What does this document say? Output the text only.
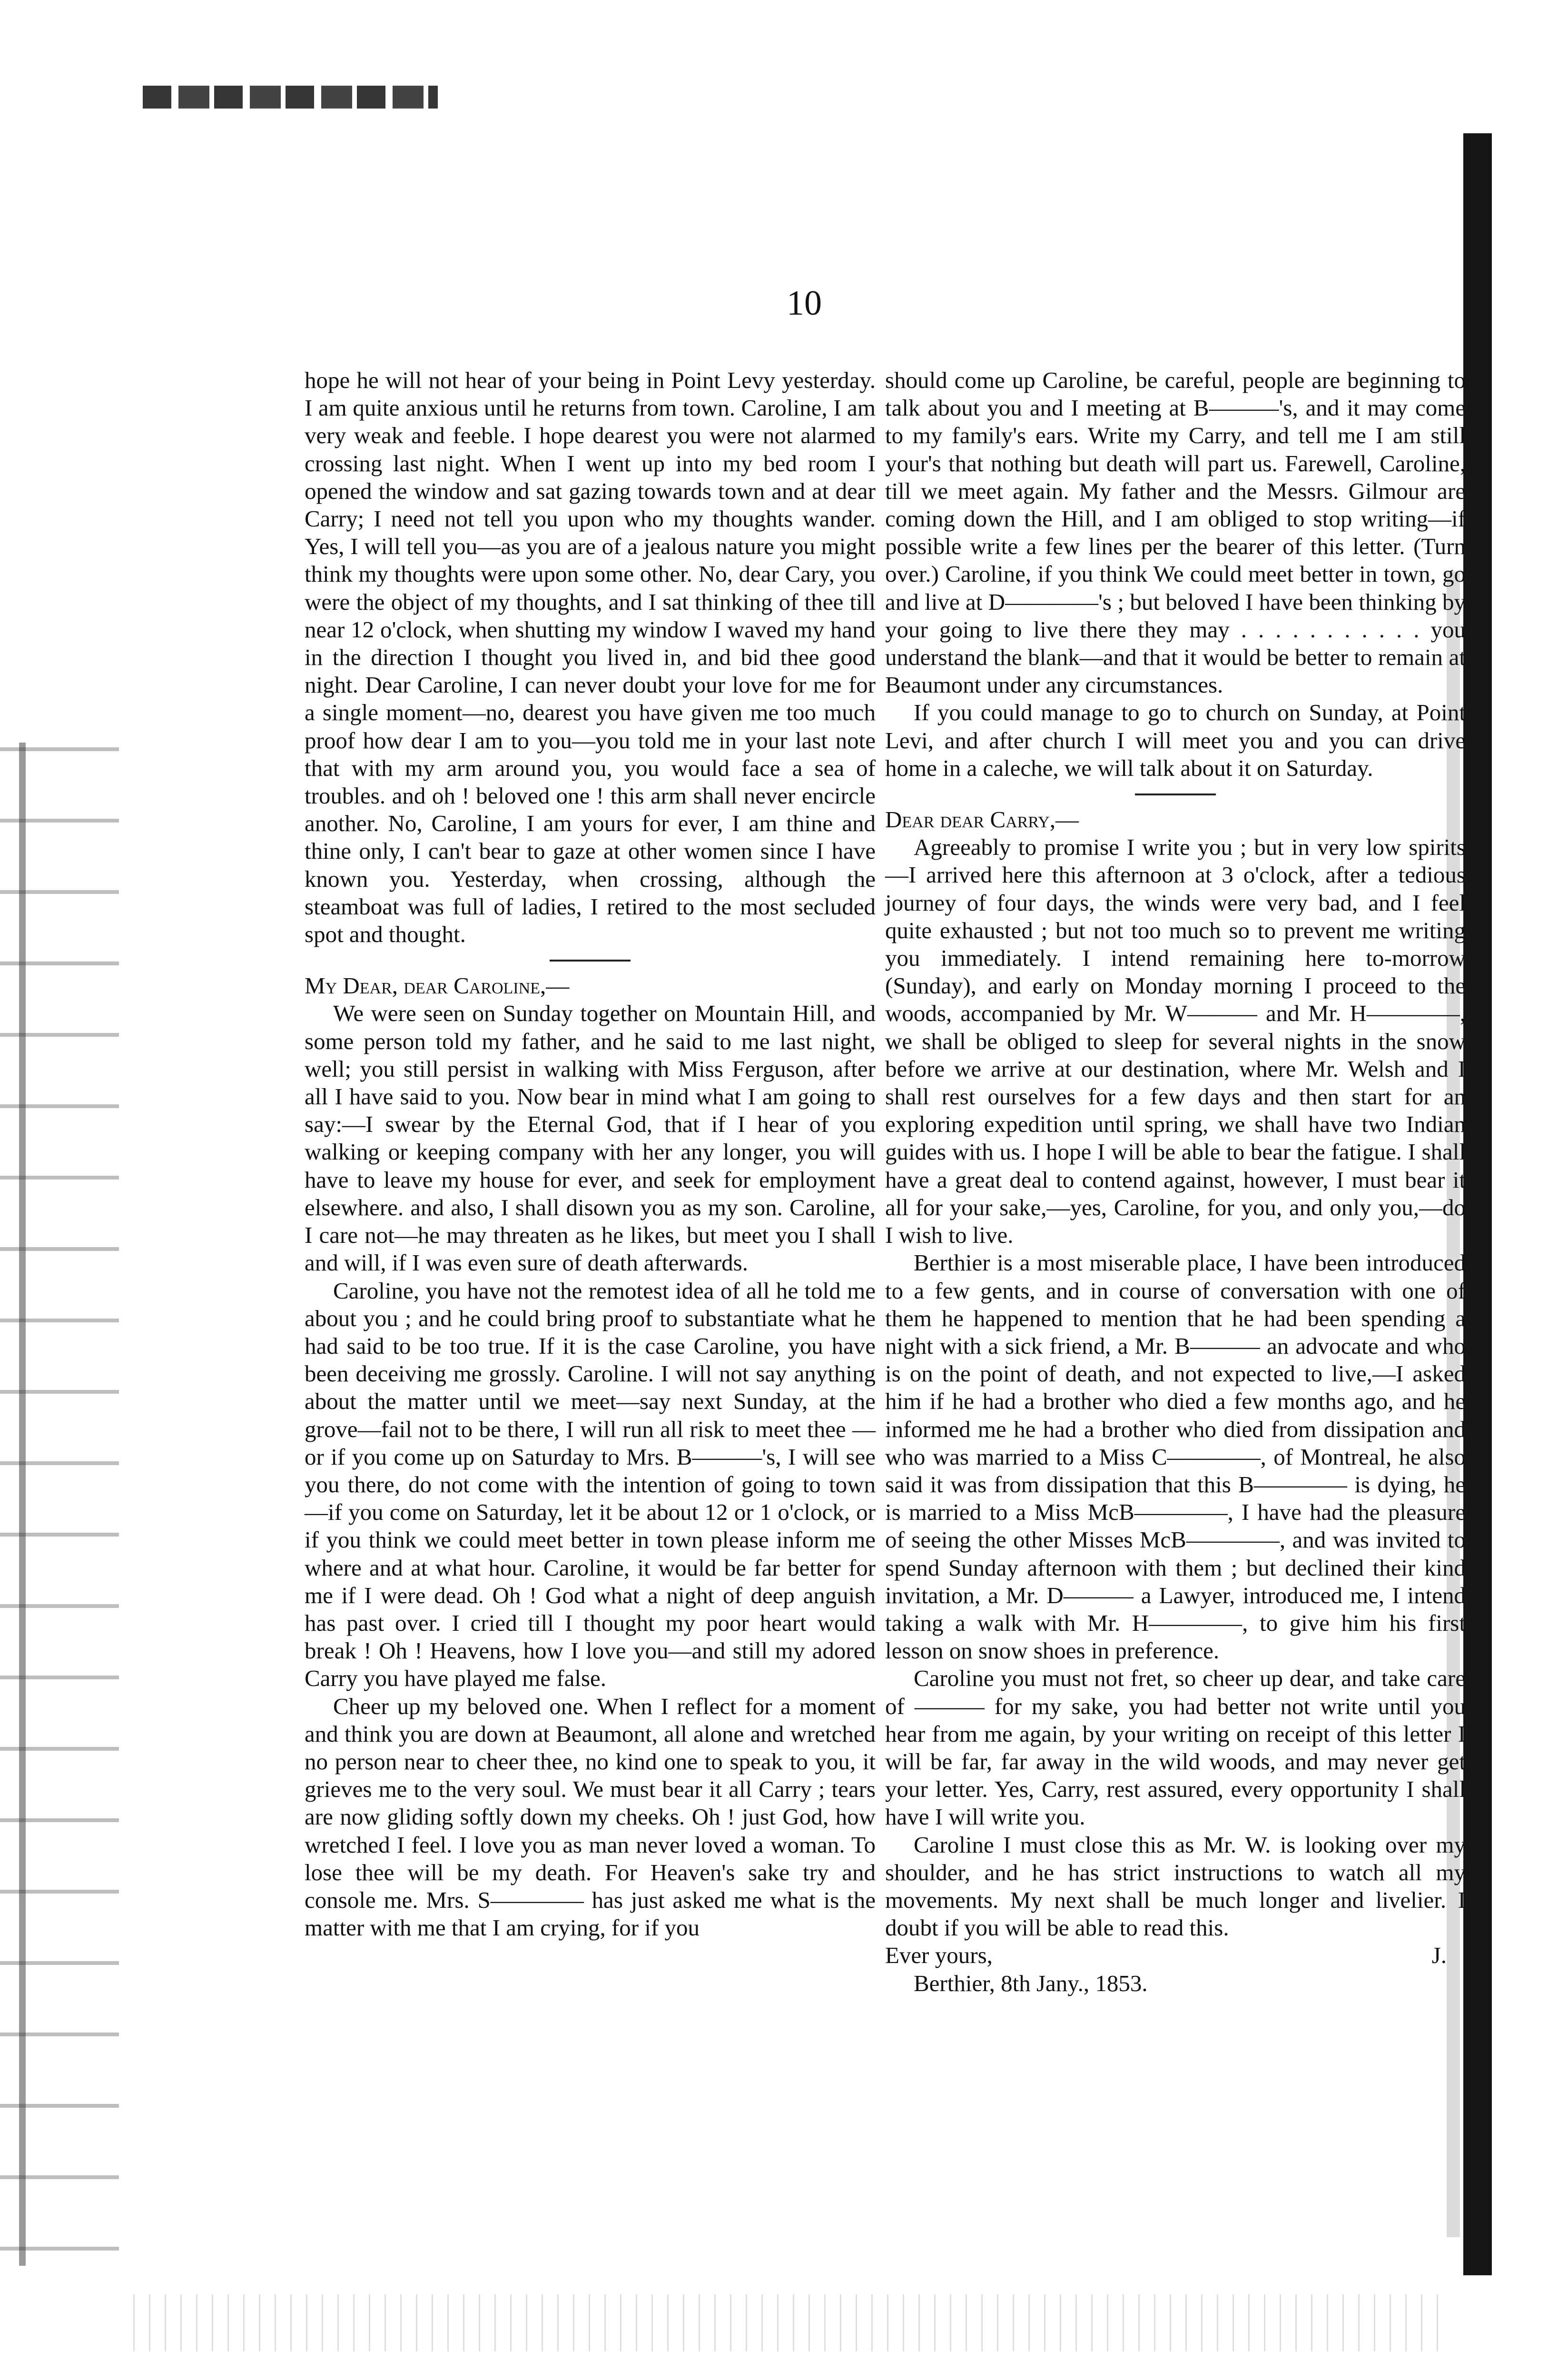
10

hope he will not hear of your being in Point Levy yesterday. I am quite anxious until he returns from town. Caroline, I am very weak and feeble. I hope dearest you were not alarmed crossing last night. When I went up into my bed room I opened the window and sat gazing towards town and at dear Carry; I need not tell you upon who my thoughts wander. Yes, I will tell you—as you are of a jealous nature you might think my thoughts were upon some other. No, dear Cary, you were the object of my thoughts, and I sat thinking of thee till near 12 o'clock, when shutting my window I waved my hand in the direction I thought you lived in, and bid thee good night. Dear Caroline, I can never doubt your love for me for a single moment—no, dearest you have given me too much proof how dear I am to you—you told me in your last note that with my arm around you, you would face a sea of troubles. and oh ! beloved one ! this arm shall never encircle another. No, Caroline, I am yours for ever, I am thine and thine only, I can't bear to gaze at other women since I have known you. Yesterday, when crossing, although the steamboat was full of ladies, I retired to the most secluded spot and thought.

My Dear, dear Caroline,—

We were seen on Sunday together on Mountain Hill, and some person told my father, and he said to me last night, well; you still persist in walking with Miss Ferguson, after all I have said to you. Now bear in mind what I am going to say:—I swear by the Eternal God, that if I hear of you walking or keeping company with her any longer, you will have to leave my house for ever, and seek for employment elsewhere. and also, I shall disown you as my son. Caroline, I care not—he may threaten as he likes, but meet you I shall and will, if I was even sure of death afterwards.

Caroline, you have not the remotest idea of all he told me about you ; and he could bring proof to substantiate what he had said to be too true. If it is the case Caroline, you have been deceiving me grossly. Caroline. I will not say anything about the matter until we meet—say next Sunday, at the grove—fail not to be there, I will run all risk to meet thee —or if you come up on Saturday to Mrs. B———'s, I will see you there, do not come with the intention of going to town —if you come on Saturday, let it be about 12 or 1 o'clock, or if you think we could meet better in town please inform me where and at what hour. Caroline, it would be far better for me if I were dead. Oh ! God what a night of deep anguish has past over. I cried till I thought my poor heart would break ! Oh ! Heavens, how I love you—and still my adored Carry you have played me false.

Cheer up my beloved one. When I reflect for a moment and think you are down at Beaumont, all alone and wretched no person near to cheer thee, no kind one to speak to you, it grieves me to the very soul. We must bear it all Carry ; tears are now gliding softly down my cheeks. Oh ! just God, how wretched I feel. I love you as man never loved a woman. To lose thee will be my death. For Heaven's sake try and console me. Mrs. S———— has just asked me what is the matter with me that I am crying, for if you

should come up Caroline, be careful, people are beginning to talk about you and I meeting at B———'s, and it may come to my family's ears. Write my Carry, and tell me I am still your's that nothing but death will part us. Farewell, Caroline, till we meet again. My father and the Messrs. Gilmour are coming down the Hill, and I am obliged to stop writing—if possible write a few lines per the bearer of this letter. (Turn over.) Caroline, if you think We could meet better in town, go and live at D————'s ; but beloved I have been thinking by your going to live there they may . . . . . . . . . . . you understand the blank—and that it would be better to remain at Beaumont under any circumstances.

If you could manage to go to church on Sunday, at Point Levi, and after church I will meet you and you can drive home in a caleche, we will talk about it on Saturday.

Dear dear Carry,—

Agreeably to promise I write you ; but in very low spirits—I arrived here this afternoon at 3 o'clock, after a tedious journey of four days, the winds were very bad, and I feel quite exhausted ; but not too much so to prevent me writing you immediately. I intend remaining here to-morrow (Sunday), and early on Monday morning I proceed to the woods, accompanied by Mr. W——— and Mr. H————, we shall be obliged to sleep for several nights in the snow before we arrive at our destination, where Mr. Welsh and I shall rest ourselves for a few days and then start for an exploring expedition until spring, we shall have two Indian guides with us. I hope I will be able to bear the fatigue. I shall have a great deal to contend against, however, I must bear it all for your sake,—yes, Caroline, for you, and only you,—do I wish to live.

Berthier is a most miserable place, I have been introduced to a few gents, and in course of conversation with one of them he happened to mention that he had been spending a night with a sick friend, a Mr. B——— an advocate and who is on the point of death, and not expected to live,—I asked him if he had a brother who died a few months ago, and he informed me he had a brother who died from dissipation and who was married to a Miss C————, of Montreal, he also said it was from dissipation that this B———— is dying, he is married to a Miss McB————, I have had the pleasure of seeing the other Misses McB————, and was invited to spend Sunday afternoon with them ; but declined their kind invitation, a Mr. D——— a Lawyer, introduced me, I intend taking a walk with Mr. H————, to give him his first lesson on snow shoes in preference.

Caroline you must not fret, so cheer up dear, and take care of ——— for my sake, you had better not write until you hear from me again, by your writing on receipt of this letter I will be far, far away in the wild woods, and may never get your letter. Yes, Carry, rest assured, every opportunity I shall have I will write you.

Caroline I must close this as Mr. W. is looking over my shoulder, and he has strict instructions to watch all my movements. My next shall be much longer and livelier. I doubt if you will be able to read this.

Ever yours,	J.

Berthier, 8th Jany., 1853.
